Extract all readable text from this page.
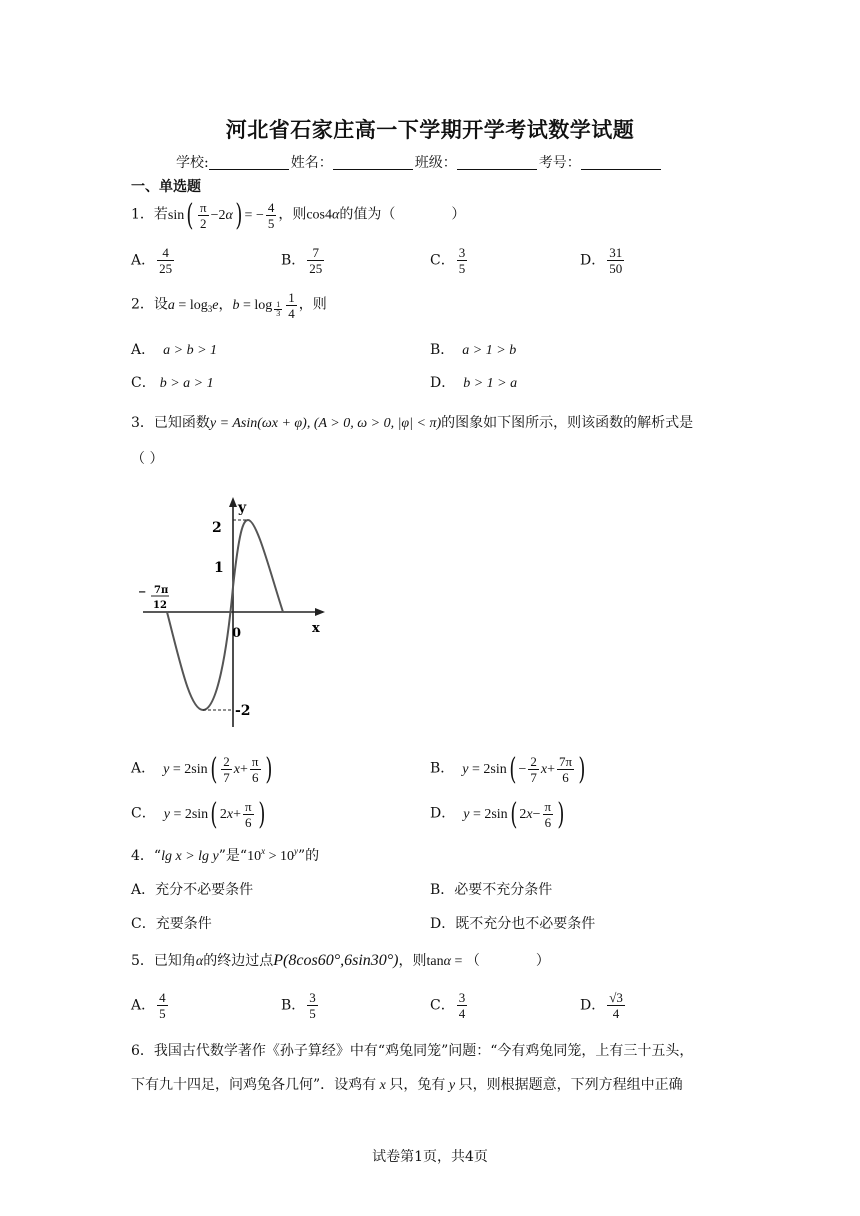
河北省石家庄高一下学期开学考试数学试题
学校:	姓名：	班级：	考号：
一、单选题
1．若$\sin( \frac{\pi}{2} -2\alpha)$ = − $\frac{4}{5}$ ，则cos4α的值为（　　　　）
A． $\frac{4}{25}$	B． $\frac{7}{25}$	C． $\frac{3}{5}$	D． $\frac{31}{50}$
2．设$a = \log_3e$，$b = \log _{\frac{1}{3}} \frac{1}{4}$ ，则
A． a > b > 1	B． a > 1 > b
C． b > a > 1	D． b > 1 > a
3．已知函数y = Asin(ωx + φ), (A > 0, ω > 0, |φ| < π)的图象如下图所示，则该函数的解析式是
（ ）
y
x
0
2
1
-2
− 7π
12
A． $y = 2\sin( \frac{2}{7} x+ \frac{\pi}{6}$ )	B． $y = 2\sin( - \frac{2}{7} x+ \frac{7\pi}{6}$ )
C． y = 2sin( $2x+ \frac{\pi}{6}$ )	D． y = 2sin( $2x- \frac{\pi}{6}$ )
4．“lg x > lg y”是“$10^x > 10^y$”的
A．充分不必要条件	B．必要不充分条件
C．充要条件	D．既不充分也不必要条件
5．已知角α的终边过点P(8cos60°,6sin30°)，则tanα = （　　　　）
A． $\frac{4}{5}$	B． $\frac{3}{5}$	C． $\frac{3}{4}$	D． $\frac{√3}{4}$
6．我国古代数学著作《孙子算经》中有“鸡兔同笼”问题：“今有鸡兔同笼，上有三十五头，
下有九十四足，问鸡兔各几何”．设鸡有 x 只，兔有 y 只，则根据题意，下列方程组中正确
试卷第1页，共4页
